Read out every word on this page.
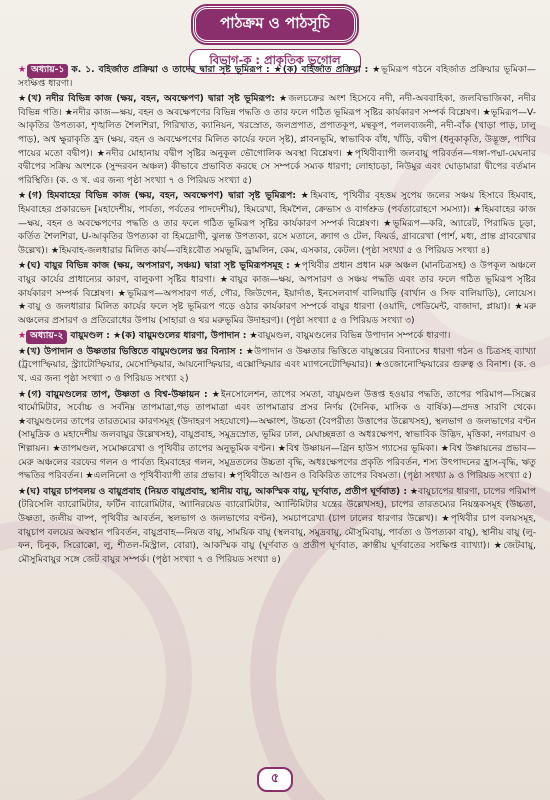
পাঠক্রম ও পাঠসূচি
বিভাগ-ক : প্রাকৃতিক ভূগোল

★ অধ্যায়-১ ক. ১. বহির্জাত প্রক্রিয়া ও তাদের দ্বারা সৃষ্ট ভূমিরূপ : ★(ক) বহির্জাত প্রক্রিয়া : ★ভূমিরূপ গঠনে বহির্জাত প্রক্রিয়ার ভূমিকা—সংক্ষিপ্ত ধারণা।

★(খ) নদীর বিভিন্ন কাজ (ক্ষয়, বহন, অবক্ষেপণ) দ্বারা সৃষ্ট ভূমিরূপ: ★জলচক্রের অংশ হিসেবে নদী, নদী-অববাহিকা, জলবিভাজিকা, নদীর বিভিন্ন গতি। ★নদীর কাজ—ক্ষয়, বহন ও অবক্ষেপণের বিভিন্ন পদ্ধতি ও তার ফলে গঠিত ভূমিরূপ সৃষ্টির কার্যকারণ সম্পর্ক বিশ্লেষণ। ★ভূমিরূপ—V-আকৃতির উপত্যকা, শৃঙ্খলিত শৈলশিরা, গিরিখাত, ক্যানিয়ন, খরস্রোত, জলপ্রপাত, প্রপাতকূপ, মন্থকূপ, পললব্যজনী, নদী-বাঁক (খাড়া পাড়, ঢালু পাড়), অশ্ব ক্ষুরাকৃতি হ্রদ (ক্ষয়, বহন ও অবক্ষেপণের মিলিত কার্যের ফলে সৃষ্ট), প্লাবনভূমি, স্বাভাবিক বাঁধ, খাঁড়ি, বদ্বীপ (ধনুকাকৃতি, উদ্ভূক্ত, পাখির পায়ের মতো বদ্বীপ)। ★নদীর মোহানায় বদ্বীপ সৃষ্টির অনুকূল ভৌগোলিক অবস্থা বিশ্লেষণ। ★পৃথিবীব্যাপী জলবায়ু পরিবর্তন—গঙ্গা-পদ্মা-মেঘনার বদ্বীপের সক্রিয় অংশকে (সুন্দরবন অঞ্চল) কীভাবে প্রভাবিত করছে সে সম্পর্কে সম্যক ধারণা; লোহাচড়া, নিউমুর এবং ঘোড়ামারা দ্বীপের বর্তমান পরিস্থিতি। (ক. ও খ. এর জন্য পৃষ্ঠা সংখ্যা ৭ ও পিরিয়ড সংখ্যা ৫)

★(গ) হিমবাহের বিভিন্ন কাজ (ক্ষয়, বহন, অবক্ষেপণ) দ্বারা সৃষ্ট ভূমিরূপ: ★হিমবাহ, পৃথিবীর বৃহত্তম সুপেয় জলের সঞ্চয় হিসাবে হিমবাহ, হিমবাহের প্রকারভেদ [মহাদেশীয়, পার্বত্য, পর্বতের পাদদেশীয়), হিমরেখা, হিমশৈল, ক্রেভাস ও বার্গশ্রুড (পর্বতারোহণে সমস্যা)। ★হিমবাহের কাজ—ক্ষয়, বহন ও অবক্ষেপণের পদ্ধতি ও তার ফলে গঠিত ভূমিরূপ সৃষ্টির কার্যকারণ সম্পর্ক বিশ্লেষণ। ★ভূমিরূপ—করি, অ্যারেট, পিরামিড চূড়া, কর্তিত শৈলশিরা, U-আকৃতির উপত্যকা বা হিমদ্রোণী, ঝুলন্ত উপত্যকা, রসে মতানে, ক্র্যাগ ও টেল, ফিয়র্ড, গ্রাবরেখা (পার্শ, মধ্য, প্রান্ত গ্রাবরেখার উল্লেখ)। ★হিমবাহ-জলধারার মিলিত কার্য—বহিঃবৌত সমভূমি, ড্রামলিন, কেম, এসকার, কেটল। (পৃষ্ঠা সংখ্যা ৫ ও পিরিয়ড সংখ্যা ৪)

★(ঘ) বায়ুর বিভিন্ন কাজ (ক্ষয়, অপসারণ, সঞ্চয়) দ্বারা সৃষ্ট ভূমিরূপসমূহ : ★পৃথিবীর প্রধান প্রধান মরু অঞ্চল (মানচিত্রসহ) ও উপকূল অঞ্চলে বায়ুর কার্যের প্রাধান্যের কারণ, বালুকণা সৃষ্টির ধারণা। ★বায়ুর কাজ—ক্ষয়, অপসারণ ও সঞ্চয় পদ্ধতি এবং তার ফলে গঠিত ভূমিরূপ সৃষ্টির কার্যকারণ সম্পর্ক বিশ্লেষণ। ★ভূমিরূপ—অপসারণ গর্ত, গৌর, জিউগেন, ইয়ার্দাঙ, ইনসেলবার্গ বালিয়াড়ি (বার্খান ও সিফ বালিয়াড়ি), লোয়েস। ★বায়ু ও জলধারার মিলিত কার্যের ফলে সৃষ্ট ভূমিরূপ গড়ে ওঠার কার্যকারণ সম্পর্কে বায়ুর ধারণা (ওয়াদি, পেডিমেন্ট, বাজাদা, প্লায়া)। ★মরু অঞ্চলের প্রসারণ ও প্রতিরোধের উপায় (সাহারা ও থর মরুভূমির উদাহরণ)। (পৃষ্ঠা সংখ্যা ৫ ও পিরিয়ড সংখ্যা ৩)

★ অধ্যায়-২ বায়ুমণ্ডল : ★(ক) বায়ুমণ্ডলের ধারণা, উপাদান : ★বায়ুমণ্ডল, বায়ুমণ্ডলের বিভিন্ন উপাদান সম্পর্কে ধারণা।

★(খ) উপাদান ও উষ্ণতার ভিত্তিতে বায়ুমণ্ডলের স্তর বিন্যাস : ★উপাদান ও উষ্ণতার ভিত্তিতে বায়ুস্তরের বিন্যাসের ধারণা গঠন ও চিত্রসহ ব্যাখ্যা (ট্রপোস্ফিয়ার, স্ট্র্যাটোস্ফিয়ার, মেসোস্ফিয়ার, আয়নোস্ফিয়ার, এক্সোস্ফিয়ার এবং ম্যাগনেটোস্ফিয়ার)। ★ওজোনোস্ফিয়ারের গুরুত্ব ও বিনাশ। (ক. ও খ. এর জন্য পৃষ্ঠা সংখ্যা ৩ ও পিরিয়ড সংখ্যা ২)

★(গ) বায়ুমণ্ডলের তাপ, উষ্ণতা ও বিশ্ব-উষ্ণায়ন : ★ইনসোলেশন, তাপের সমতা, বায়ুমণ্ডল উত্তপ্ত হওয়ার পদ্ধতি, তাপের পরিমাপ—সিক্সের থার্মোমিটার, সর্বোচ্চ ও সর্বনিম্ন তাপমাত্রা,গড় তাপমাত্রা এবং তাপমাত্রার প্রসর নির্ণয় (দৈনিক, মাসিক ও বার্ষিক)—প্রদত্ত সারণি থেকে। ★বায়ুমণ্ডলের তাপের তারতম্যের কারণসমূহ (উদাহরণ সহযোগে)—অক্ষাংশ, উচ্চতা (বৈপরীত্য উত্তাপের উল্লেখসহ), স্থলভাগ ও জলভাগের বণ্টন (সামুদ্রিক ও মহাদেশীয় জলবায়ুর উল্লেখসহ), বায়ুপ্রবাহ, সমুদ্রস্রোত, ভূমির ঢাল, মেঘাচ্ছন্নতা ও অধঃক্ষেপণ, স্বাভাবিক উদ্ভিদ, মৃত্তিকা, নগরায়ণ ও শিল্পায়ন। ★তাপমণ্ডল, সমোষ্ণরেখা ও পৃথিবীর তাপের অনুভূমিক বণ্টন। ★বিশ্ব উষ্ণায়ন—গ্রিন হাউস গ্যাসের ভূমিকা। ★বিশ্ব উষ্ণায়নের প্রভাব—মেরু অঞ্চলের বরফের গলন ও পার্বত্য হিমবাহের গলন, সমুদ্রতলের উচ্চতা বৃদ্ধি, অধঃক্ষেপণের প্রকৃতি পরিবর্তন, শস্য উৎপাদনের হ্রাস-বৃদ্ধি, ঋতু পদ্ধতির পরিবর্তন। ★এলনিনো ও পৃথিবীব্যাপী তার প্রভাব। ★পৃথিবীতে আগুন ও বিকিরিত তাপের বিষমতা। (পৃষ্ঠা সংখ্যা ৯ ও পিরিয়ড সংখ্যা ৫)

★(ঘ) বায়ুর চাপবলয় ও বায়ুপ্রবাহ (নিয়ত বায়ুপ্রবাহ, স্থানীয় বায়ু, আকস্মিক বায়ু, ঘূর্ণবাত, প্রতীপ ঘূর্ণবাত) : ★বায়ুচাপের ধারণা, চাপের পরিমাপ (টরিসেলি ব্যারোমিটার, ফর্টিন ব্যারোমিটার, অ্যানিরয়েড ব্যারোমিটার, অ্যাল্টিমিটার যন্ত্রের উল্লেখসহ), চাপের তারতম্যের নিয়ন্ত্রকসমূহ (উচ্চতা, উষ্ণতা, জলীয় বাষ্প, পৃথিবীর আবর্তন, স্থলভাগ ও জলভাগের বণ্টন), সমচাপরেখা (চাপ ঢালের ধারণার উল্লেখ)। ★পৃথিবীর চাপ বলয়সমূহ, বায়ুচাপ বলয়ের অবস্থান পরিবর্তন, বায়ুপ্রবাহ—নিয়ত বায়ু, সাময়িক বায়ু (স্থলবায়ু, সমুদ্রবায়ু, মৌসুমিবায়ু, পার্বত্য ও উপত্যকা বায়ু), স্থানীয় বায়ু (লু-ফন, চিনুক, সিরোক্কো, লু, শীতল-মিস্ট্রাল, বোরা), আকস্মিক বায়ু (ঘূর্ণবাত ও প্রতীপ ঘূর্ণবাত, ক্রান্তীয় ঘূর্ণবাতের সংক্ষিপ্ত ব্যাখ্যা)। ★জেটবায়ু, মৌসুমিবায়ুর সঙ্গে জেট বায়ুর সম্পর্ক। (পৃষ্ঠা সংখ্যা ৭ ও পিরিয়ড সংখ্যা ৪)

৫
